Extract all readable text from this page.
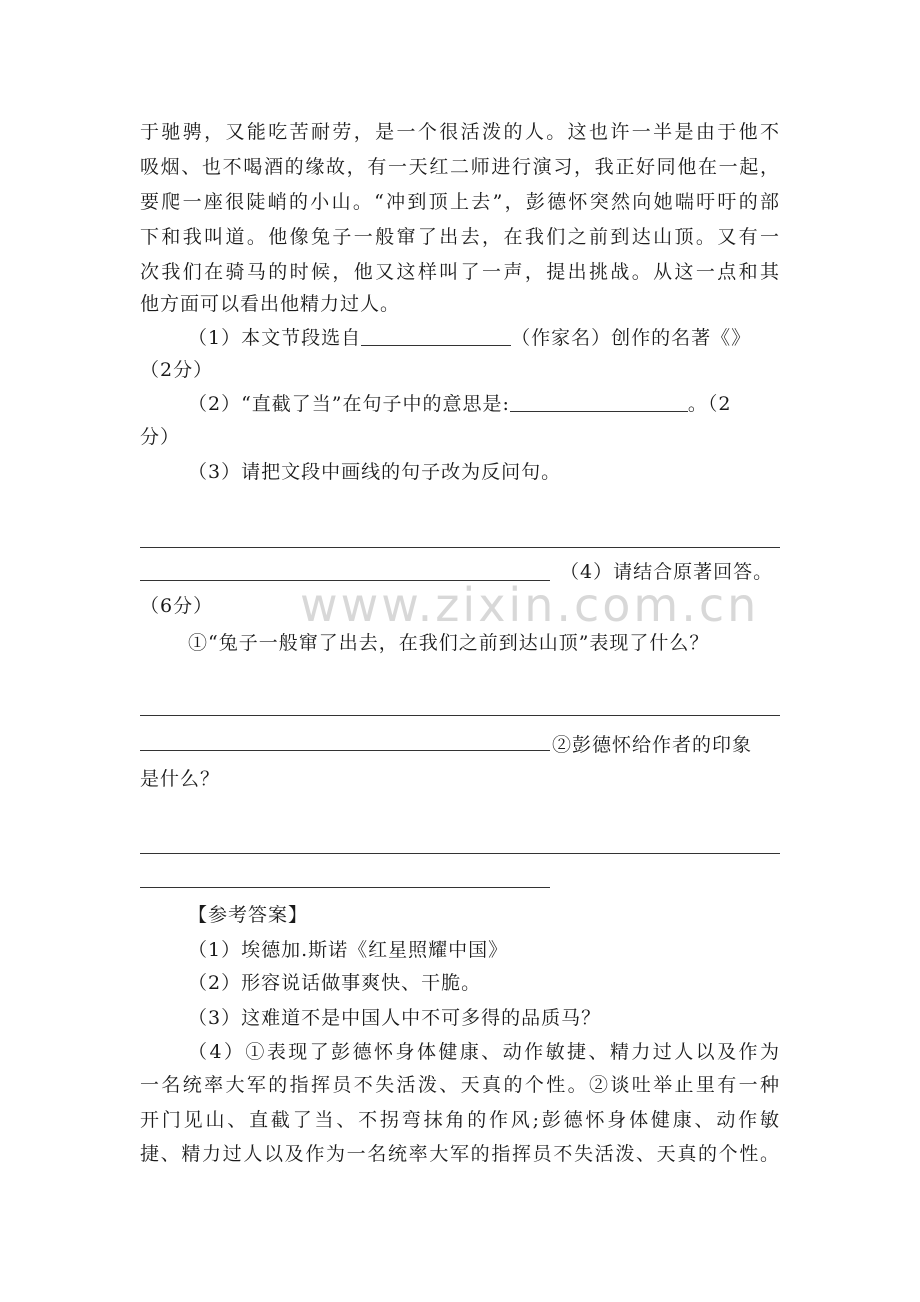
于驰骋，又能吃苦耐劳，是一个很活泼的人。这也许一半是由于他不
吸烟、也不喝酒的缘故，有一天红二师进行演习，我正好同他在一起，
要爬一座很陡峭的小山。“冲到顶上去”，彭德怀突然向她喘吁吁的部
下和我叫道。他像兔子一般窜了出去，在我们之前到达山顶。又有一
次我们在骑马的时候，他又这样叫了一声，提出挑战。从这一点和其
他方面可以看出他精力过人。
（1）本文节段选自	（作家名）创作的名著《》
（2分）
（2）“直截了当”在句子中的意思是:	。（2
分）
（3）请把文段中画线的句子改为反问句。
（4）请结合原著回答。
（6分）
①“兔子一般窜了出去，在我们之前到达山顶”表现了什么？
②彭德怀给作者的印象
是什么？
【参考答案】
（1）埃德加.斯诺《红星照耀中国》
（2）形容说话做事爽快、干脆。
（3）这难道不是中国人中不可多得的品质马？
（4）①表现了彭德怀身体健康、动作敏捷、精力过人以及作为
一名统率大军的指挥员不失活泼、天真的个性。②谈吐举止里有一种
开门见山、直截了当、不拐弯抹角的作风;彭德怀身体健康、动作敏
捷、精力过人以及作为一名统率大军的指挥员不失活泼、天真的个性。
www.zixin.com.cn
